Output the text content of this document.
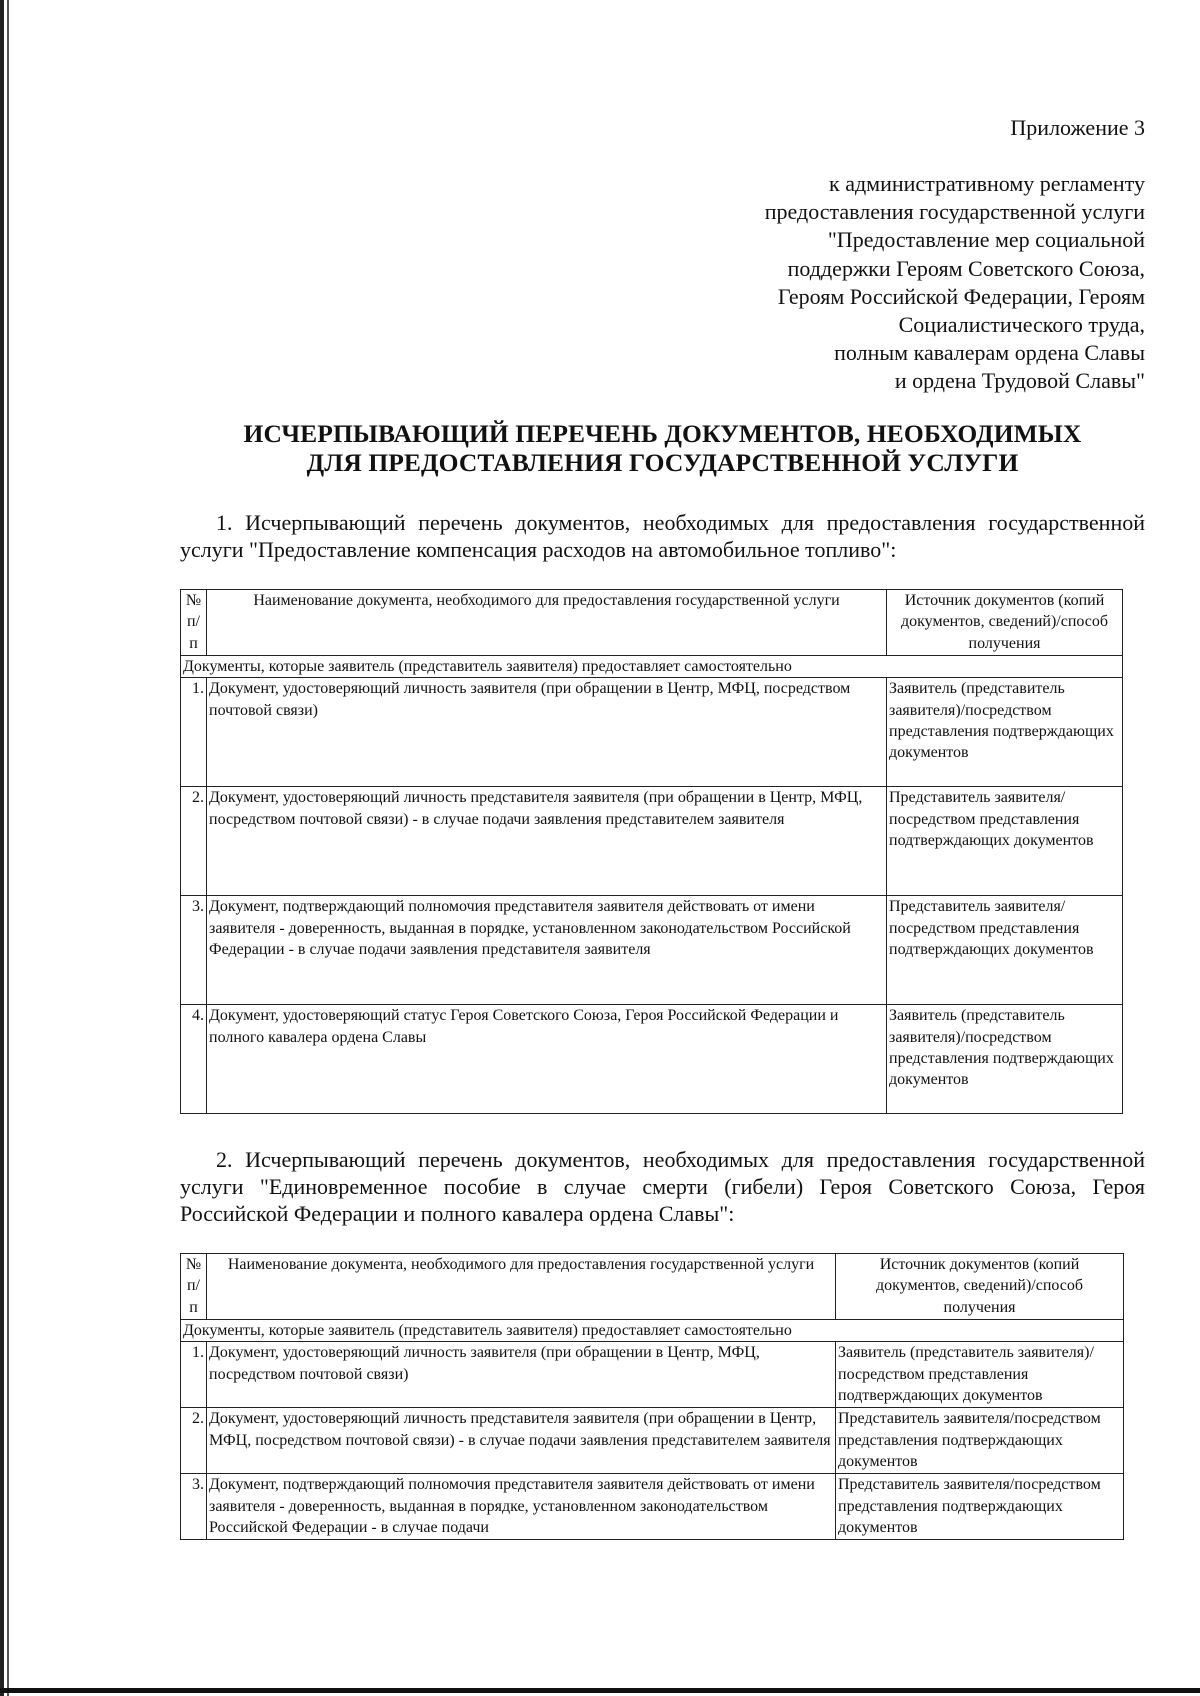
Приложение 3
к административному регламенту
предоставления государственной услуги
"Предоставление мер социальной
поддержки Героям Советского Союза,
Героям Российской Федерации, Героям
Социалистического труда,
полным кавалерам ордена Славы
и ордена Трудовой Славы"
ИСЧЕРПЫВАЮЩИЙ ПЕРЕЧЕНЬ ДОКУМЕНТОВ, НЕОБХОДИМЫХ
ДЛЯ ПРЕДОСТАВЛЕНИЯ ГОСУДАРСТВЕННОЙ УСЛУГИ

1. Исчерпывающий перечень документов, необходимых для предоставления государственной услуги "Предоставление компенсация расходов на автомобильное топливо":

№ п/п	Наименование документа, необходимого для предоставления государственной услуги	Источник документов (копий документов, сведений)/способ получения
Документы, которые заявитель (представитель заявителя) предоставляет самостоятельно		
1.	Документ, удостоверяющий личность заявителя (при обращении в Центр, МФЦ, посредством почтовой связи)	Заявитель (представитель заявителя)/посредством представления подтверждающих документов
2.	Документ, удостоверяющий личность представителя заявителя (при обращении в Центр, МФЦ, посредством почтовой связи) - в случае подачи заявления представителем заявителя	Представитель заявителя/посредством представления подтверждающих документов
3.	Документ, подтверждающий полномочия представителя заявителя действовать от имени заявителя - доверенность, выданная в порядке, установленном законодательством Российской Федерации - в случае подачи заявления представителя заявителя	Представитель заявителя/посредством представления подтверждающих документов
4.	Документ, удостоверяющий статус Героя Советского Союза, Героя Российской Федерации и полного кавалера ордена Славы	Заявитель (представитель заявителя)/посредством представления подтверждающих документов

2. Исчерпывающий перечень документов, необходимых для предоставления государственной услуги "Единовременное пособие в случае смерти (гибели) Героя Советского Союза, Героя Российской Федерации и полного кавалера ордена Славы":

№ п/п	Наименование документа, необходимого для предоставления государственной услуги	Источник документов (копий документов, сведений)/способ получения
Документы, которые заявитель (представитель заявителя) предоставляет самостоятельно		
1.	Документ, удостоверяющий личность заявителя (при обращении в Центр, МФЦ, посредством почтовой связи)	Заявитель (представитель заявителя)/посредством представления подтверждающих документов
2.	Документ, удостоверяющий личность представителя заявителя (при обращении в Центр, МФЦ, посредством почтовой связи) - в случае подачи заявления представителем заявителя	Представитель заявителя/посредством представления подтверждающих документов
3.	Документ, подтверждающий полномочия представителя заявителя действовать от имени заявителя - доверенность, выданная в порядке, установленном законодательством Российской Федерации - в случае подачи	Представитель заявителя/посредством представления подтверждающих документов
